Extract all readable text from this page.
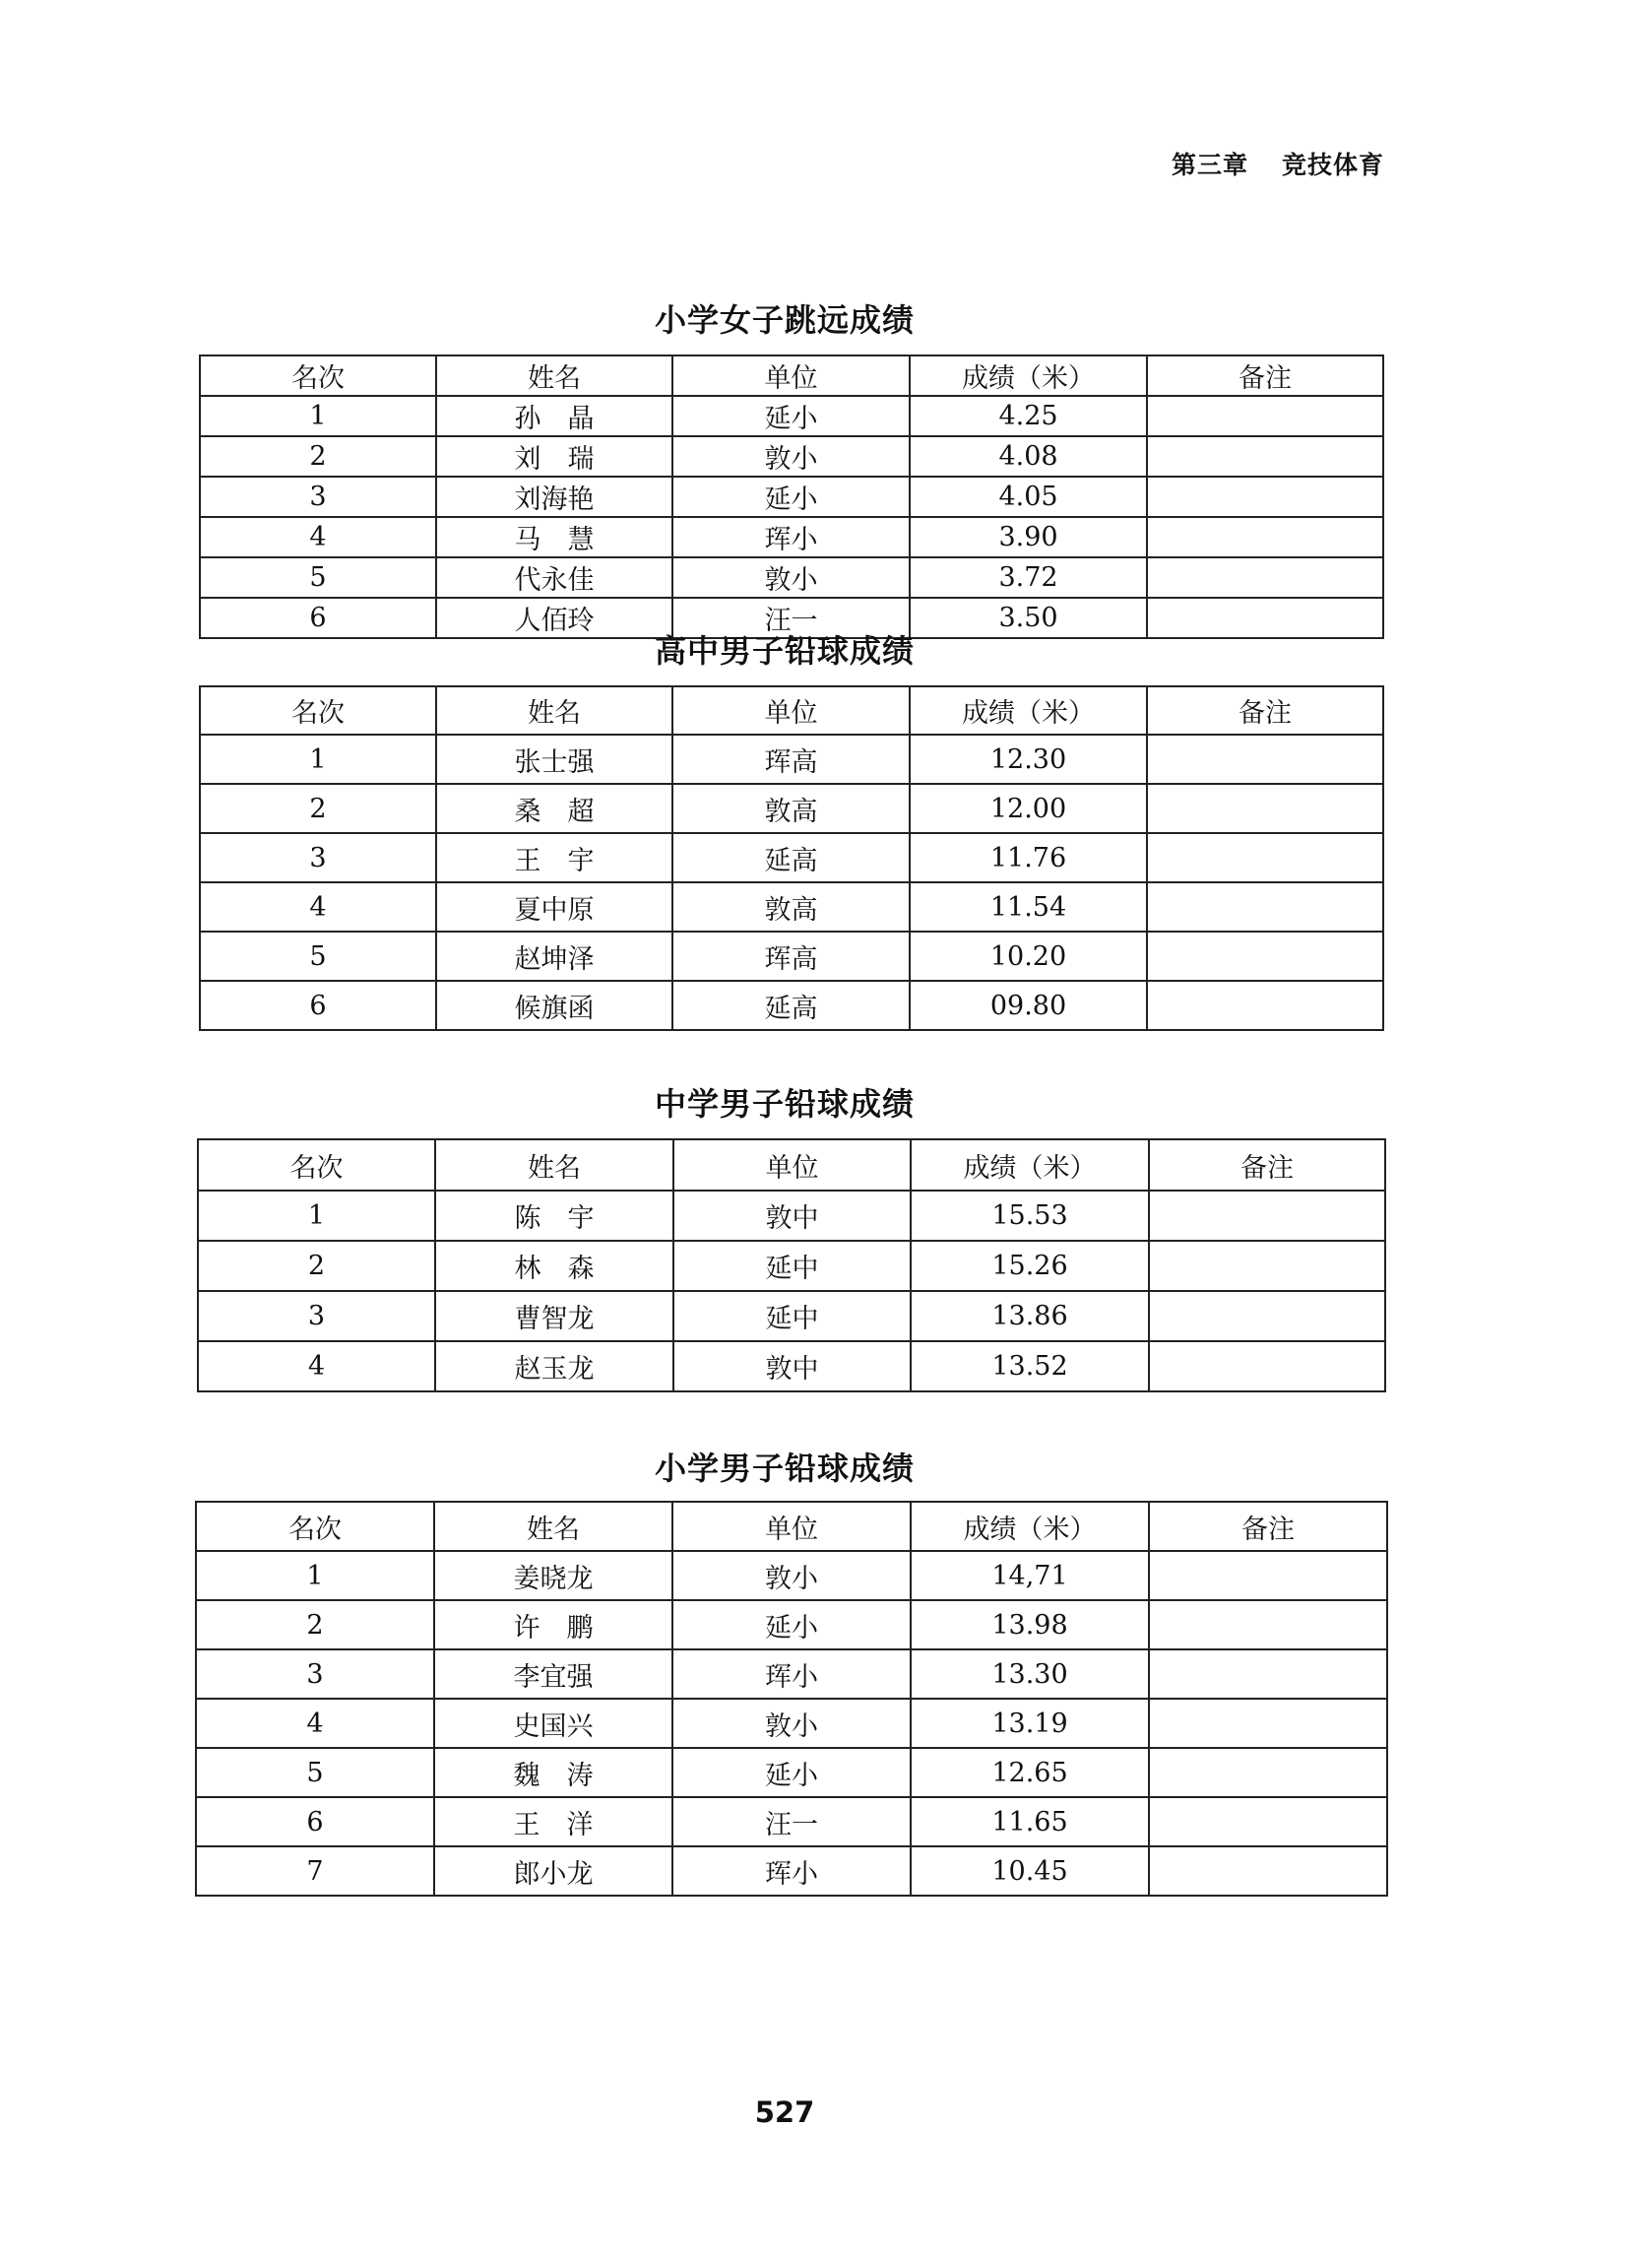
第三章 竞技体育
小学女子跳远成绩
名次	姓名	单位	成绩（米）	备注
1	孙　晶	延小	4.25	
2	刘　瑞	敦小	4.08	
3	刘海艳	延小	4.05	
4	马　慧	珲小	3.90	
5	代永佳	敦小	3.72	
6	人佰玲	汪一	3.50	
高中男子铅球成绩
名次	姓名	单位	成绩（米）	备注
1	张士强	珲高	12.30	
2	桑　超	敦高	12.00	
3	王　宇	延高	11.76	
4	夏中原	敦高	11.54	
5	赵坤泽	珲高	10.20	
6	候旗函	延高	09.80	
中学男子铅球成绩
名次	姓名	单位	成绩（米）	备注
1	陈　宇	敦中	15.53	
2	林　森	延中	15.26	
3	曹智龙	延中	13.86	
4	赵玉龙	敦中	13.52	
小学男子铅球成绩
名次	姓名	单位	成绩（米）	备注
1	姜晓龙	敦小	14,71	
2	许　鹏	延小	13.98	
3	李宜强	珲小	13.30	
4	史国兴	敦小	13.19	
5	魏　涛	延小	12.65	
6	王　洋	汪一	11.65	
7	郎小龙	珲小	10.45	
527
